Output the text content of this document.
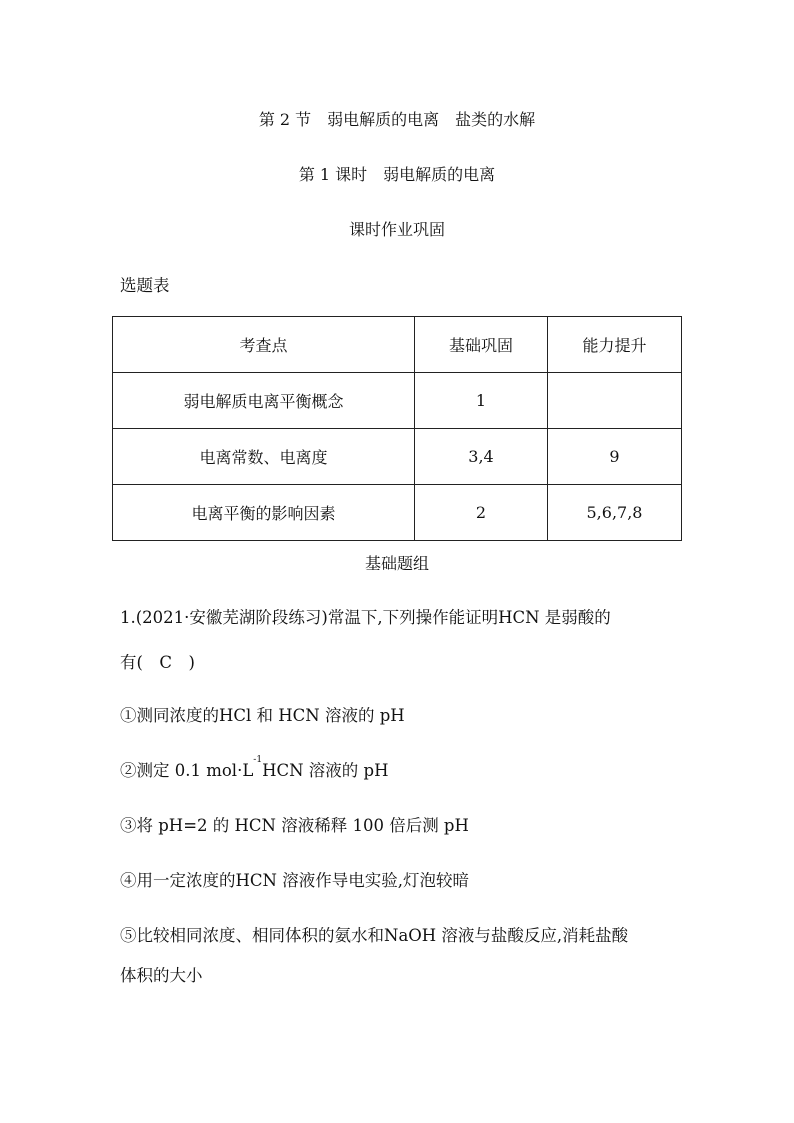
第 2 节　弱电解质的电离　盐类的水解
第 1 课时　弱电解质的电离
课时作业巩固
选题表
考查点	基础巩固	能力提升
弱电解质电离平衡概念	1	
电离常数、电离度	3,4	9
电离平衡的影响因素	2	5,6,7,8
基础题组
1.(2021·安徽芜湖阶段练习)常温下,下列操作能证明HCN 是弱酸的
有(　C　)
①测同浓度的HCl 和 HCN 溶液的 pH
②测定 0.1 $mol\cdot L^{-1}HCN$ 溶液的 pH
③将 pH=2 的 HCN 溶液稀释 100 倍后测 pH
④用一定浓度的HCN 溶液作导电实验,灯泡较暗
⑤比较相同浓度、相同体积的氨水和NaOH 溶液与盐酸反应,消耗盐酸
体积的大小
